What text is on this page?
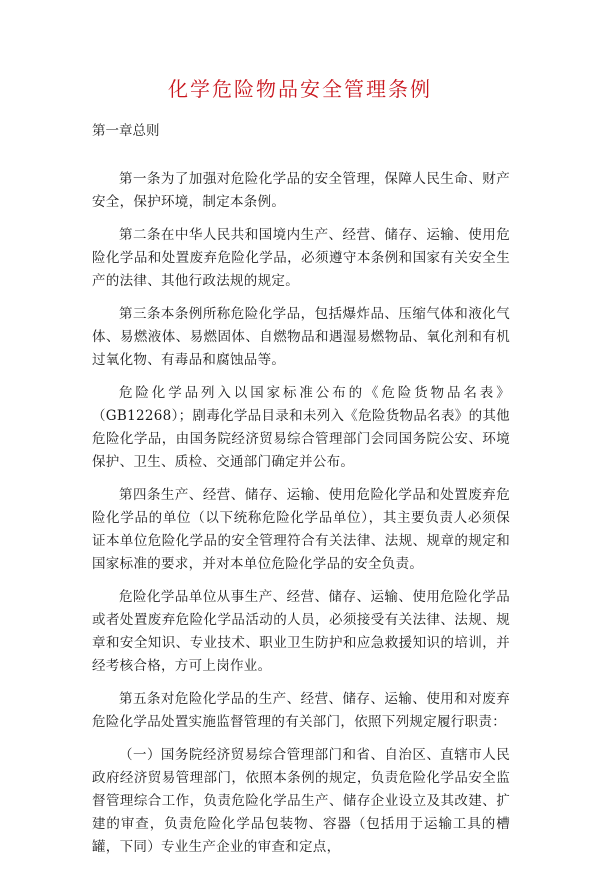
化学危险物品安全管理条例

第一章总则

第一条为了加强对危险化学品的安全管理，保障人民生命、财产安全，保护环境，制定本条例。

第二条在中华人民共和国境内生产、经营、储存、运输、使用危险化学品和处置废弃危险化学品，必须遵守本条例和国家有关安全生产的法律、其他行政法规的规定。

第三条本条例所称危险化学品，包括爆炸品、压缩气体和液化气体、易燃液体、易燃固体、自燃物品和遇湿易燃物品、氧化剂和有机过氧化物、有毒品和腐蚀品等。

危险化学品列入以国家标准公布的《危险货物品名表》（GB12268）；剧毒化学品目录和未列入《危险货物品名表》的其他危险化学品，由国务院经济贸易综合管理部门会同国务院公安、环境保护、卫生、质检、交通部门确定并公布。

第四条生产、经营、储存、运输、使用危险化学品和处置废弃危险化学品的单位（以下统称危险化学品单位），其主要负责人必须保证本单位危险化学品的安全管理符合有关法律、法规、规章的规定和国家标准的要求，并对本单位危险化学品的安全负责。

危险化学品单位从事生产、经营、储存、运输、使用危险化学品或者处置废弃危险化学品活动的人员，必须接受有关法律、法规、规章和安全知识、专业技术、职业卫生防护和应急救援知识的培训，并经考核合格，方可上岗作业。

第五条对危险化学品的生产、经营、储存、运输、使用和对废弃危险化学品处置实施监督管理的有关部门，依照下列规定履行职责：

（一）国务院经济贸易综合管理部门和省、自治区、直辖市人民政府经济贸易管理部门，依照本条例的规定，负责危险化学品安全监督管理综合工作，负责危险化学品生产、储存企业设立及其改建、扩建的审查，负责危险化学品包装物、容器（包括用于运输工具的槽罐，下同）专业生产企业的审查和定点，
